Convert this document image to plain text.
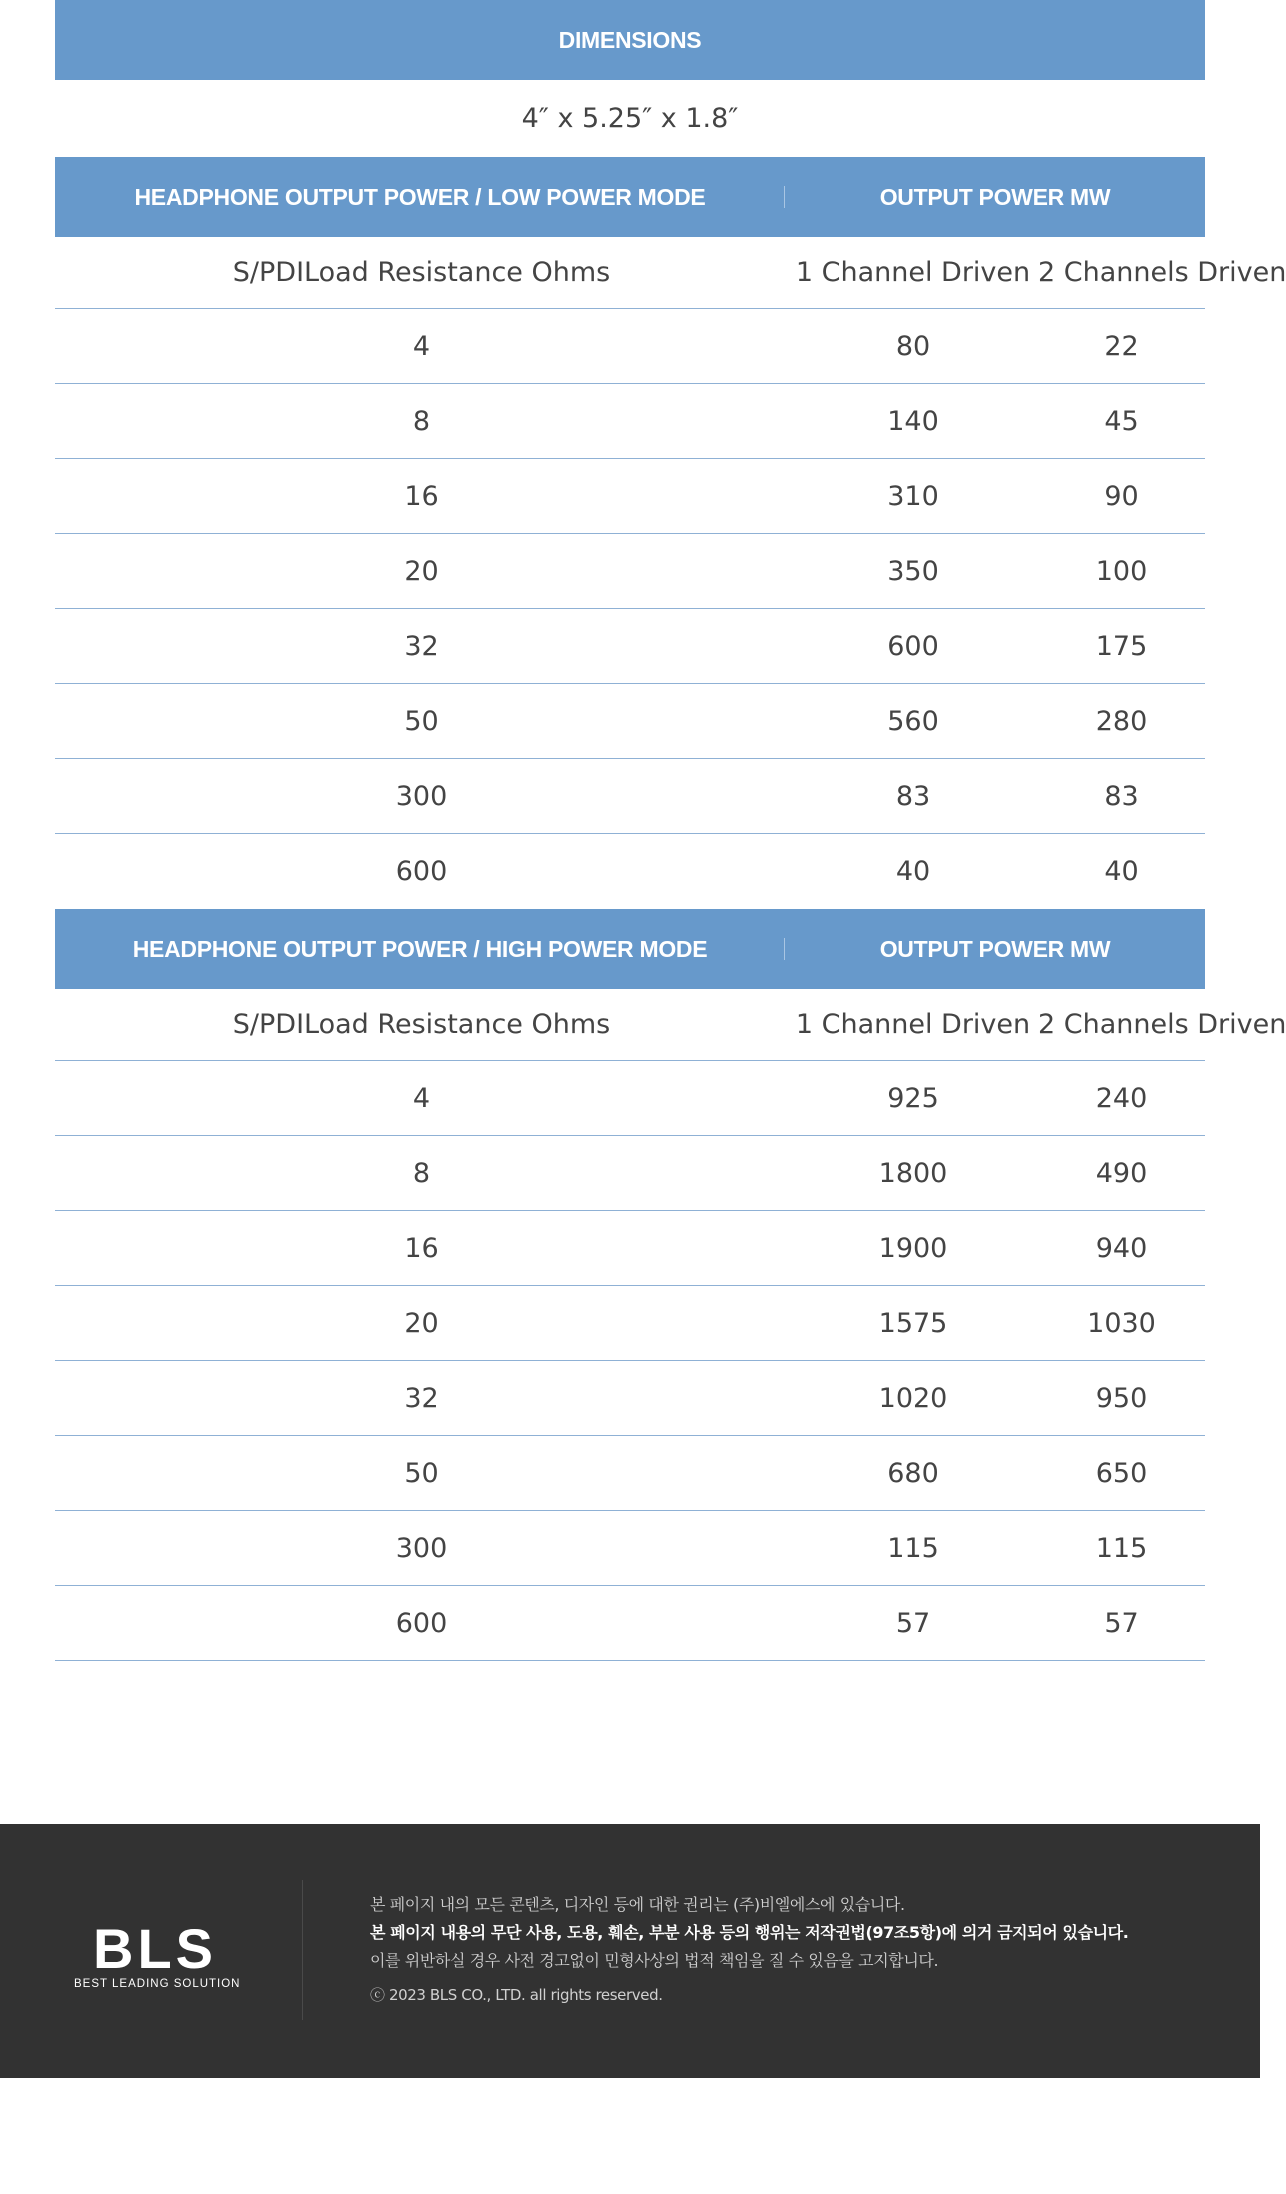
DIMENSIONS
4″ x 5.25″ x 1.8″
HEADPHONE OUTPUT POWER / LOW POWER MODE	OUTPUT POWER MW
S/PDILoad Resistance Ohms	1 Channel Driven 2 Channels Driven
4	80	22
8	140	45
16	310	90
20	350	100
32	600	175
50	560	280
300	83	83
600	40	40
HEADPHONE OUTPUT POWER / HIGH POWER MODE	OUTPUT POWER MW
S/PDILoad Resistance Ohms	1 Channel Driven 2 Channels Driven
4	925	240
8	1800	490
16	1900	940
20	1575	1030
32	1020	950
50	680	650
300	115	115
600	57	57
BLS
BEST LEADING SOLUTION

본 페이지 내의 모든 콘텐츠, 디자인 등에 대한 권리는 (주)비엘에스에 있습니다.

본 페이지 내용의 무단 사용, 도용, 훼손, 부분 사용 등의 행위는 저작권법(97조5항)에 의거 금지되어 있습니다.

이를 위반하실 경우 사전 경고없이 민형사상의 법적 책임을 질 수 있음을 고지합니다.

ⓒ 2023 BLS CO., LTD. all rights reserved.
